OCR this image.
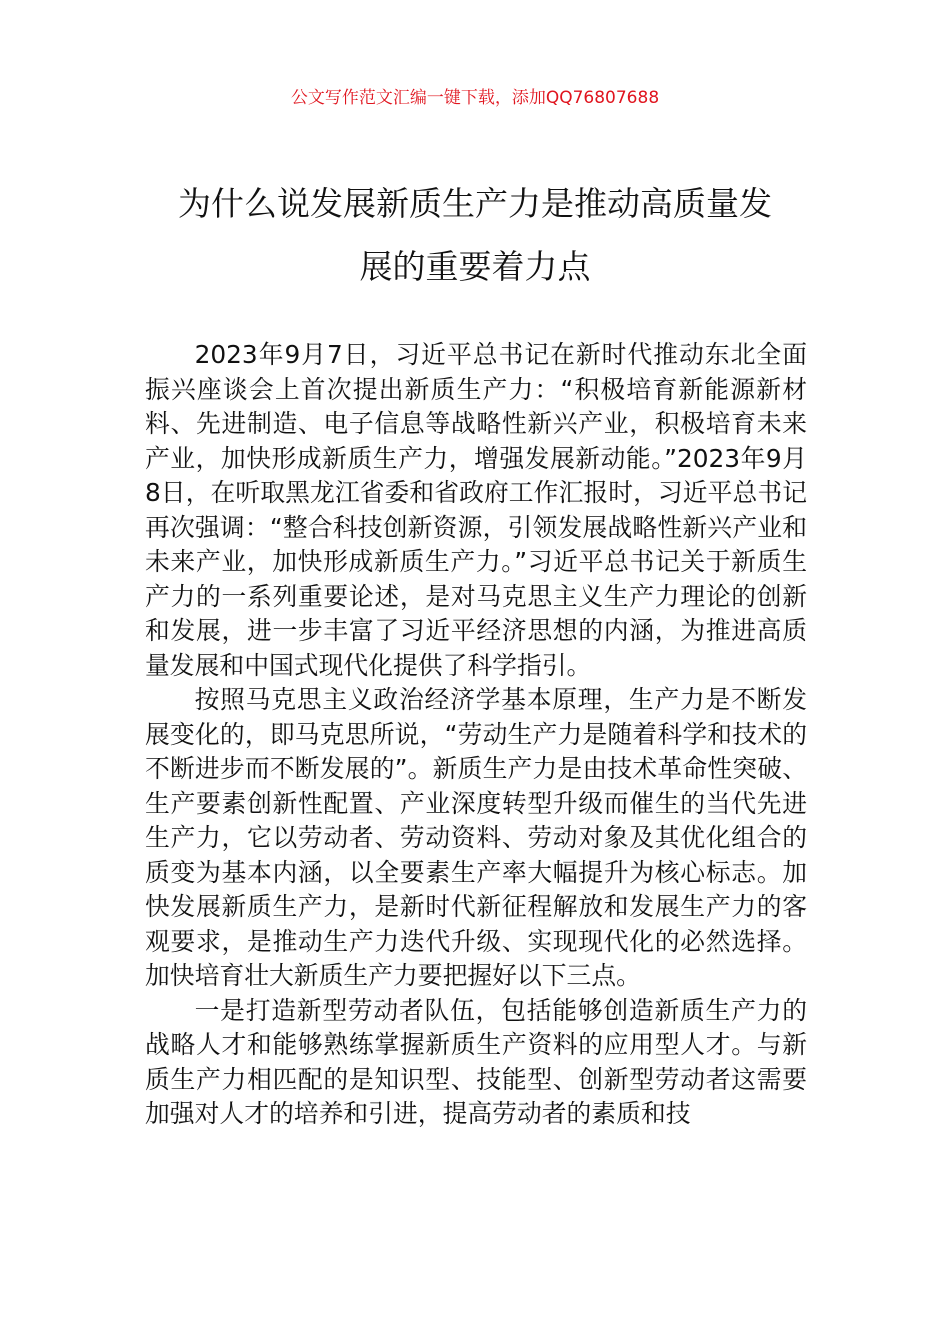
公文写作范文汇编一键下载，添加QQ76807688
为什么说发展新质生产力是推动高质量发
展的重要着力点

2023年9月7日，习近平总书记在新时代推动东北全面振兴座谈会上首次提出新质生产力：“积极培育新能源新材料、先进制造、电子信息等战略性新兴产业，积极培育未来产业，加快形成新质生产力，增强发展新动能。”2023年9月8日，在听取黑龙江省委和省政府工作汇报时，习近平总书记再次强调：“整合科技创新资源，引领发展战略性新兴产业和未来产业，加快形成新质生产力。”习近平总书记关于新质生产力的一系列重要论述，是对马克思主义生产力理论的创新和发展，进一步丰富了习近平经济思想的内涵，为推进高质量发展和中国式现代化提供了科学指引。

按照马克思主义政治经济学基本原理，生产力是不断发展变化的，即马克思所说，“劳动生产力是随着科学和技术的不断进步而不断发展的”。新质生产力是由技术革命性突破、生产要素创新性配置、产业深度转型升级而催生的当代先进生产力，它以劳动者、劳动资料、劳动对象及其优化组合的质变为基本内涵，以全要素生产率大幅提升为核心标志。加快发展新质生产力，是新时代新征程解放和发展生产力的客观要求，是推动生产力迭代升级、实现现代化的必然选择。加快培育壮大新质生产力要把握好以下三点。

一是打造新型劳动者队伍，包括能够创造新质生产力的战略人才和能够熟练掌握新质生产资料的应用型人才。与新质生产力相匹配的是知识型、技能型、创新型劳动者这需要加强对人才的培养和引进，提高劳动者的素质和技
